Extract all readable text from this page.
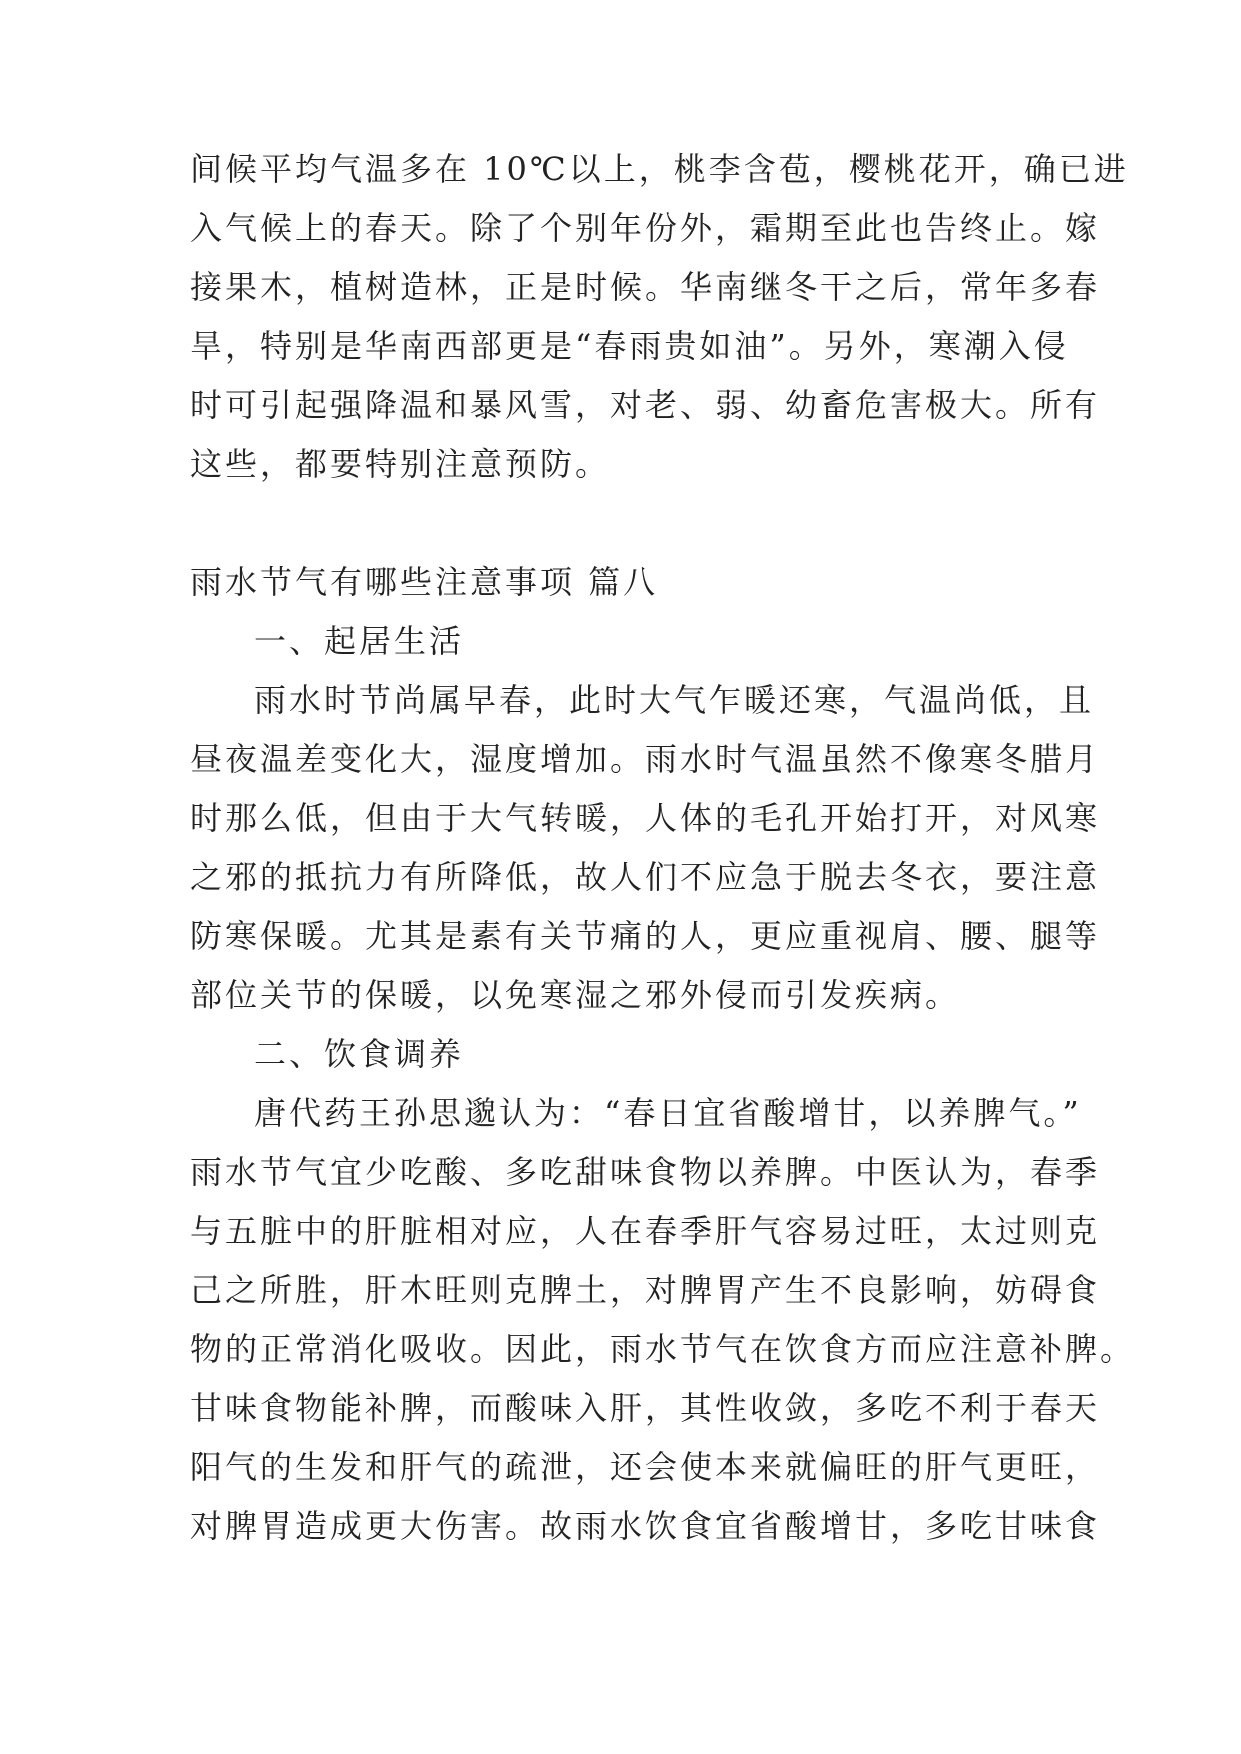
间候平均气温多在 10℃以上，桃李含苞，樱桃花开，确已进
入气候上的春天。除了个别年份外，霜期至此也告终止。嫁
接果木，植树造林，正是时候。华南继冬干之后，常年多春
旱，特别是华南西部更是“春雨贵如油”。另外，寒潮入侵
时可引起强降温和暴风雪，对老、弱、幼畜危害极大。所有
这些，都要特别注意预防。
雨水节气有哪些注意事项 篇八
一、起居生活
雨水时节尚属早春，此时大气乍暖还寒，气温尚低，且
昼夜温差变化大，湿度增加。雨水时气温虽然不像寒冬腊月
时那么低，但由于大气转暖，人体的毛孔开始打开，对风寒
之邪的抵抗力有所降低，故人们不应急于脱去冬衣，要注意
防寒保暖。尤其是素有关节痛的人，更应重视肩、腰、腿等
部位关节的保暖，以免寒湿之邪外侵而引发疾病。
二、饮食调养
唐代药王孙思邈认为：“春日宜省酸增甘，以养脾气。”
雨水节气宜少吃酸、多吃甜味食物以养脾。中医认为，春季
与五脏中的肝脏相对应，人在春季肝气容易过旺，太过则克
己之所胜，肝木旺则克脾土，对脾胃产生不良影响，妨碍食
物的正常消化吸收。因此，雨水节气在饮食方而应注意补脾。
甘味食物能补脾，而酸味入肝，其性收敛，多吃不利于春天
阳气的生发和肝气的疏泄，还会使本来就偏旺的肝气更旺，
对脾胃造成更大伤害。故雨水饮食宜省酸增甘，多吃甘味食
